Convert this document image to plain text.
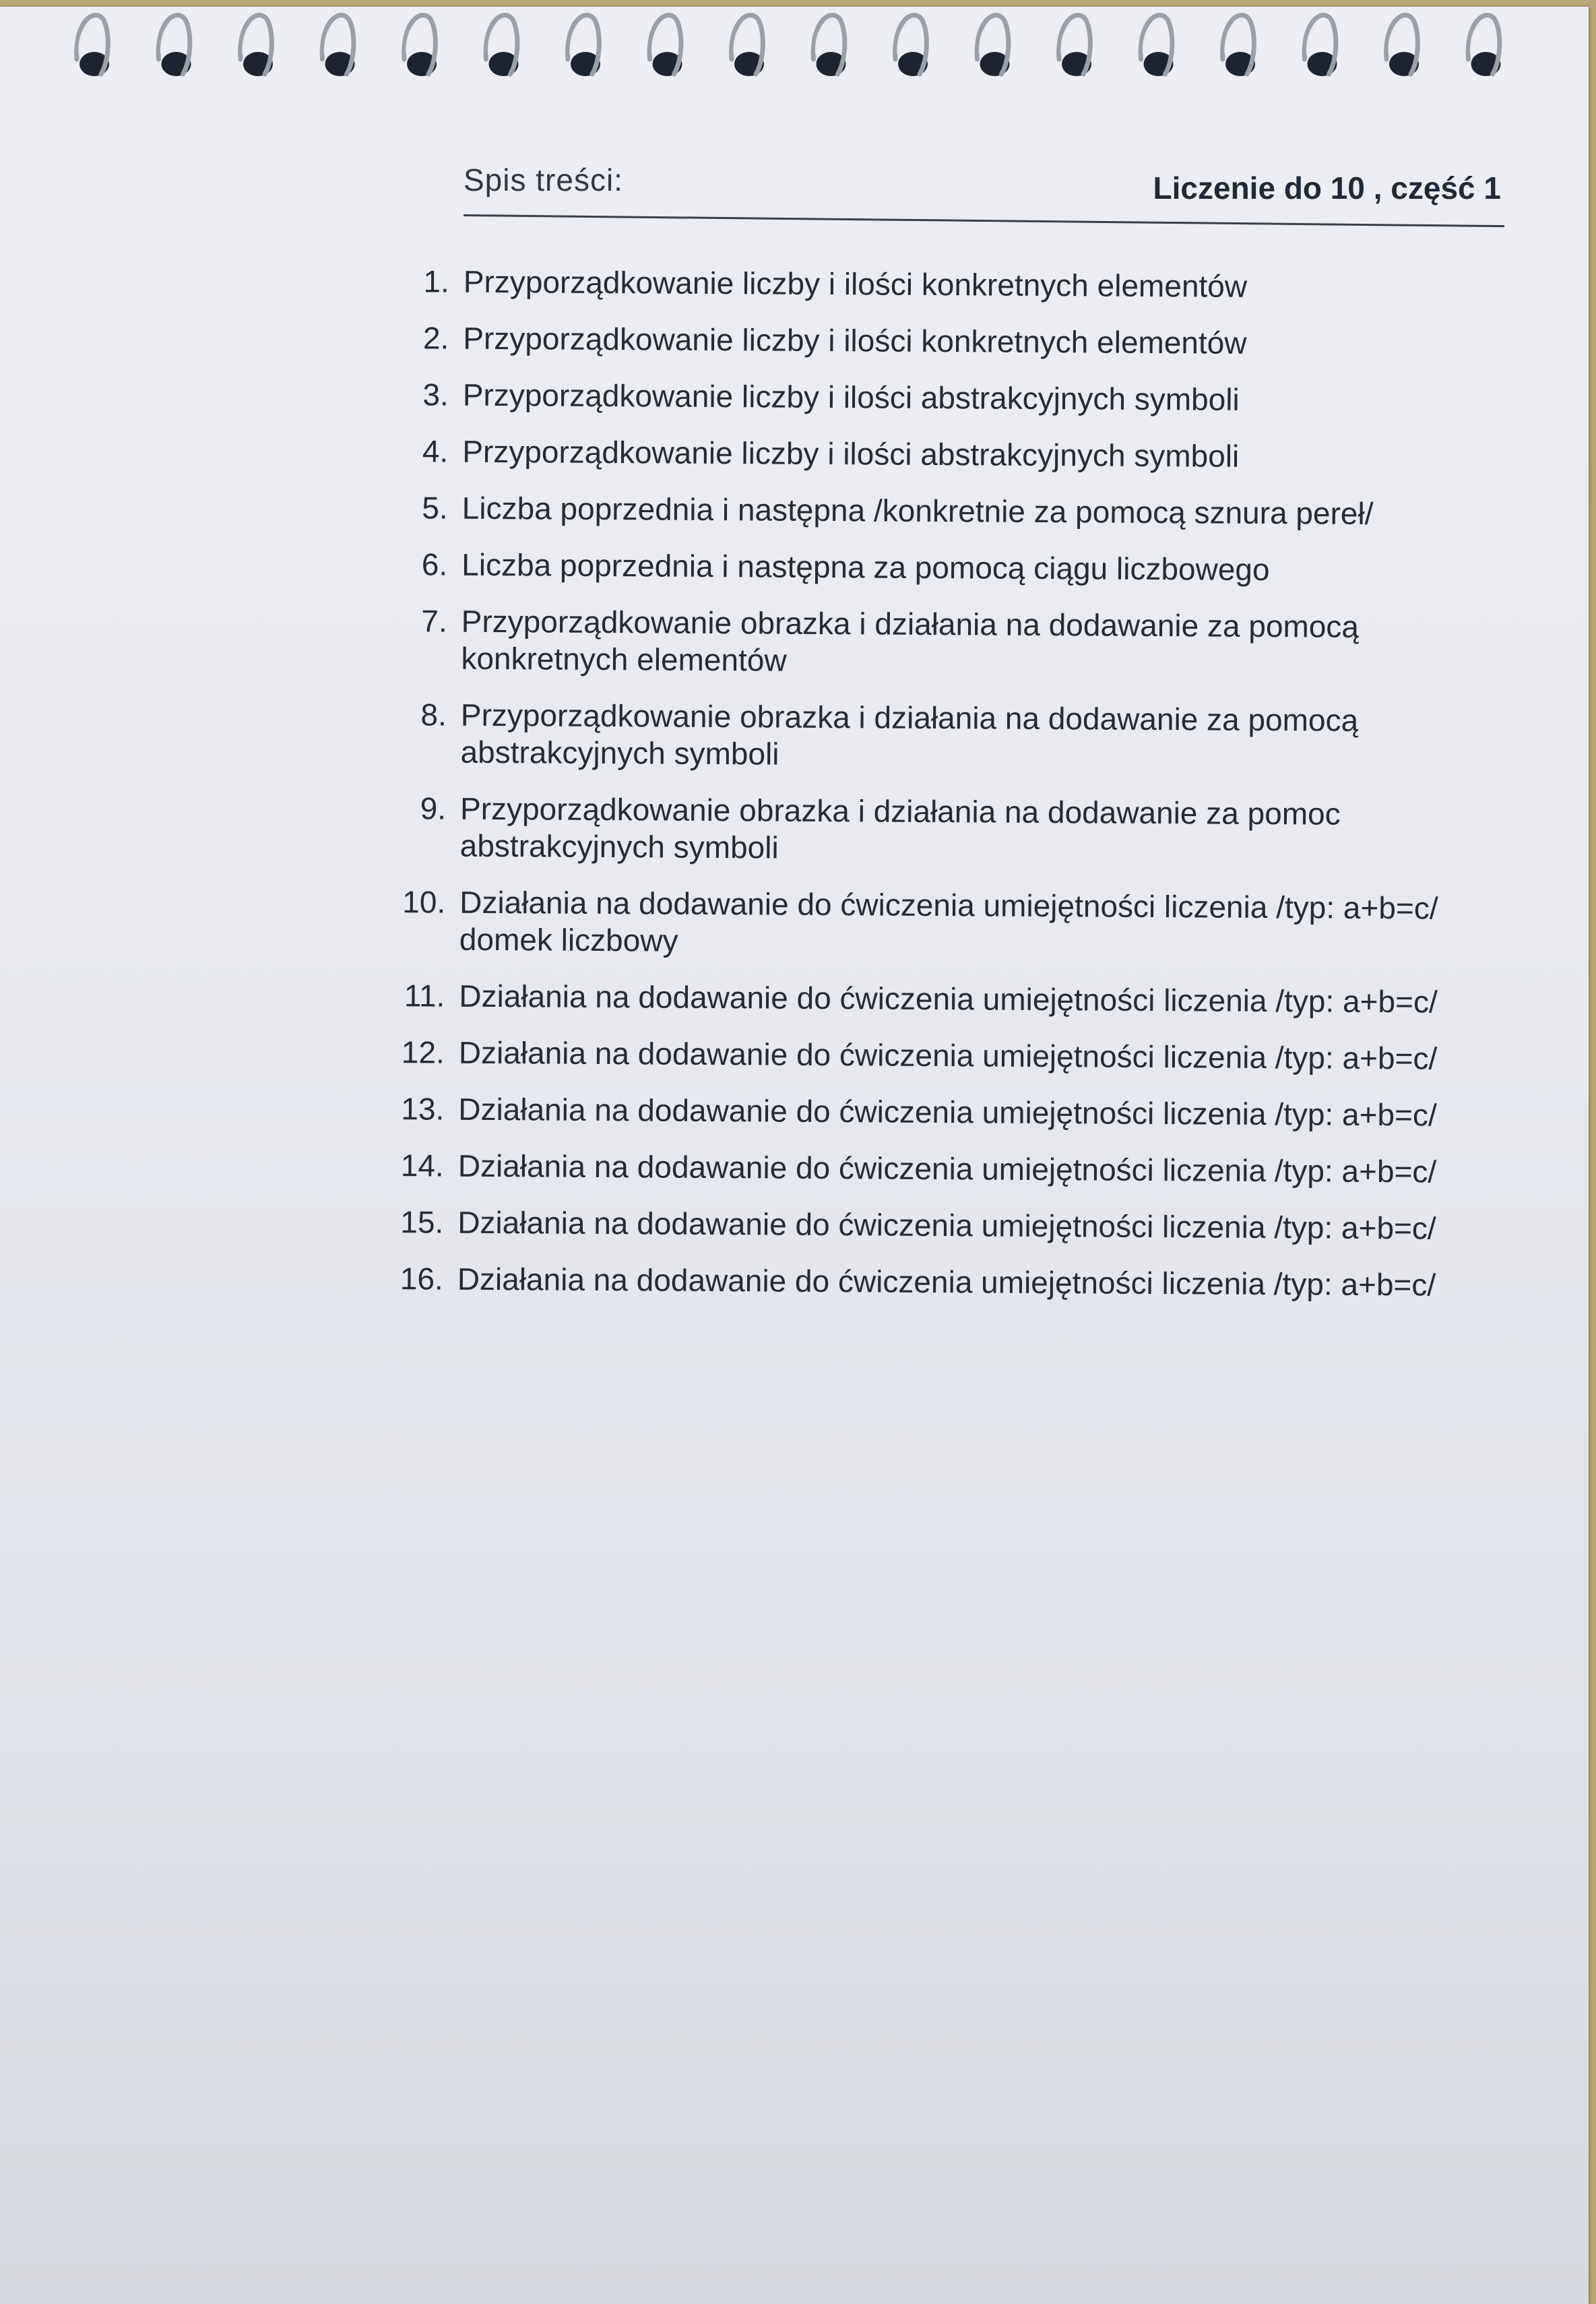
Spis treści:	Liczenie do 10 , część 1
1. Przyporządkowanie liczby i ilości konkretnych elementów
2. Przyporządkowanie liczby i ilości konkretnych elementów
3. Przyporządkowanie liczby i ilości abstrakcyjnych symboli
4. Przyporządkowanie liczby i ilości abstrakcyjnych symboli
5. Liczba poprzednia i następna /konkretnie za pomocą sznura pereł/
6. Liczba poprzednia i następna za pomocą ciągu liczbowego
7. Przyporządkowanie obrazka i działania na dodawanie za pomocą
konkretnych elementów
8. Przyporządkowanie obrazka i działania na dodawanie za pomocą
abstrakcyjnych symboli
9. Przyporządkowanie obrazka i działania na dodawanie za pomoc
abstrakcyjnych symboli
10. Działania na dodawanie do ćwiczenia umiejętności liczenia /typ: a+b=c/
domek liczbowy
11. Działania na dodawanie do ćwiczenia umiejętności liczenia /typ: a+b=c/
12. Działania na dodawanie do ćwiczenia umiejętności liczenia /typ: a+b=c/
13. Działania na dodawanie do ćwiczenia umiejętności liczenia /typ: a+b=c/
14. Działania na dodawanie do ćwiczenia umiejętności liczenia /typ: a+b=c/
15. Działania na dodawanie do ćwiczenia umiejętności liczenia /typ: a+b=c/
16. Działania na dodawanie do ćwiczenia umiejętności liczenia /typ: a+b=c/
